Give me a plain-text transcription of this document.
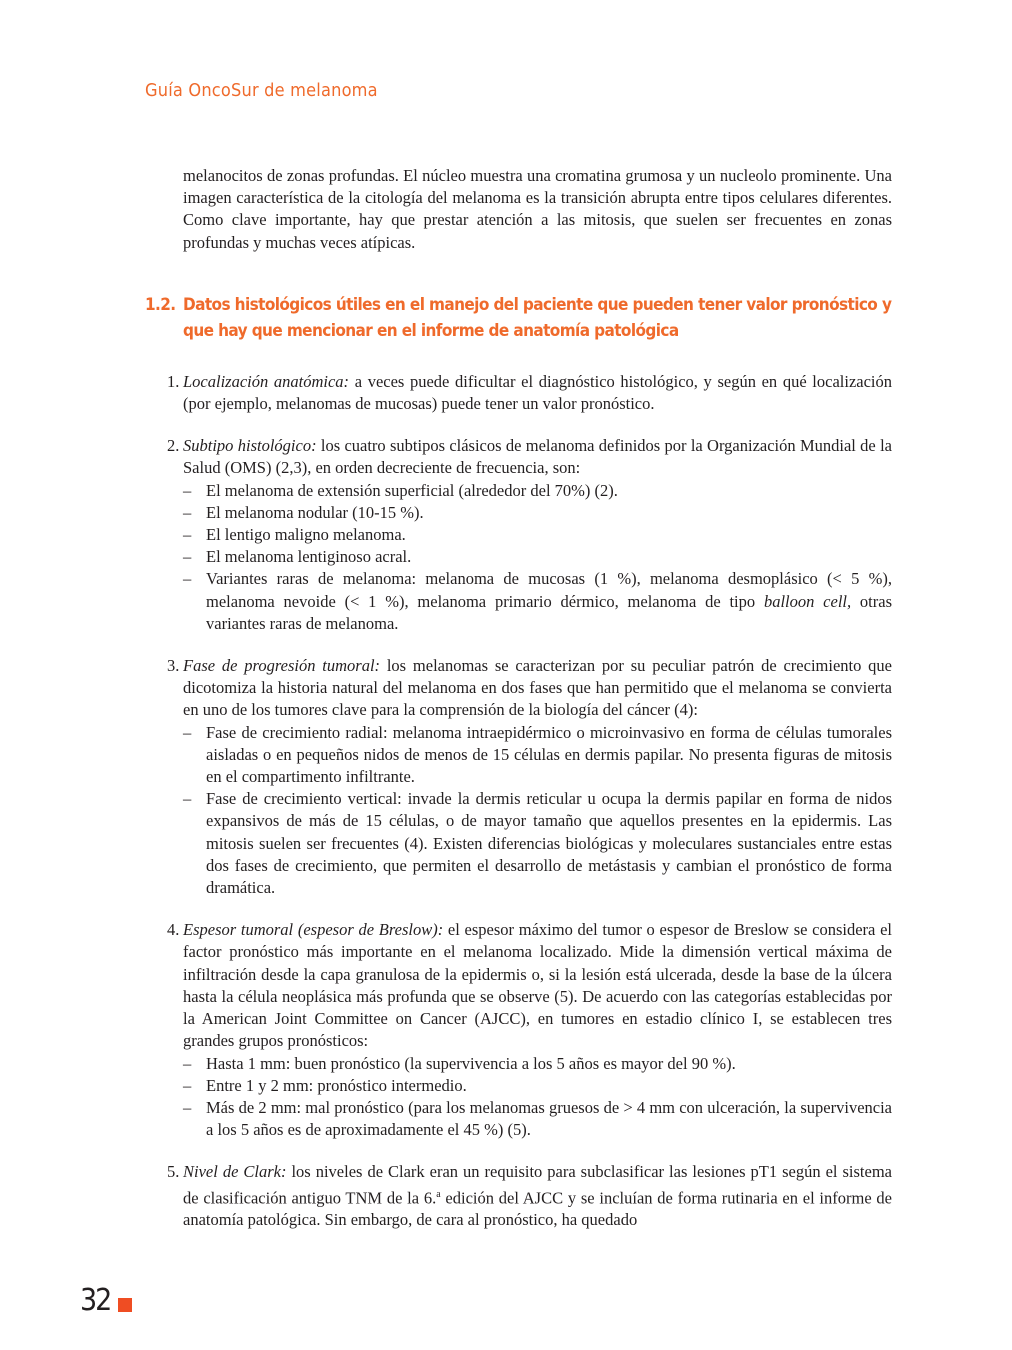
Guía OncoSur de melanoma

melanocitos de zonas profundas. El núcleo muestra una cromatina grumosa y un nucleolo prominente. Una imagen característica de la citología del melanoma es la transición abrupta entre tipos celulares diferentes. Como clave importante, hay que prestar atención a las mitosis, que suelen ser frecuentes en zonas profundas y muchas veces atípicas.

1.2. Datos histológicos útiles en el manejo del paciente que pueden tener valor pronóstico y que hay que mencionar en el informe de anatomía patológica
1. Localización anatómica: a veces puede dificultar el diagnóstico histológico, y según en qué localización (por ejemplo, melanomas de mucosas) puede tener un valor pronóstico.
2. Subtipo histológico: los cuatro subtipos clásicos de melanoma definidos por la Organización Mundial de la Salud (OMS) (2,3), en orden decreciente de frecuencia, son:
– El melanoma de extensión superficial (alrededor del 70%) (2).
– El melanoma nodular (10-15 %).
– El lentigo maligno melanoma.
– El melanoma lentiginoso acral.
– Variantes raras de melanoma: melanoma de mucosas (1 %), melanoma desmoplásico (< 5 %), melanoma nevoide (< 1 %), melanoma primario dérmico, melanoma de tipo balloon cell, otras variantes raras de melanoma.
3. Fase de progresión tumoral: los melanomas se caracterizan por su peculiar patrón de crecimiento que dicotomiza la historia natural del melanoma en dos fases que han permitido que el melanoma se convierta en uno de los tumores clave para la comprensión de la biología del cáncer (4):
– Fase de crecimiento radial: melanoma intraepidérmico o microinvasivo en forma de células tumorales aisladas o en pequeños nidos de menos de 15 células en dermis papilar. No presenta figuras de mitosis en el compartimento infiltrante.
– Fase de crecimiento vertical: invade la dermis reticular u ocupa la dermis papilar en forma de nidos expansivos de más de 15 células, o de mayor tamaño que aquellos presentes en la epidermis. Las mitosis suelen ser frecuentes (4). Existen diferencias biológicas y moleculares sustanciales entre estas dos fases de crecimiento, que permiten el desarrollo de metástasis y cambian el pronóstico de forma dramática.
4. Espesor tumoral (espesor de Breslow): el espesor máximo del tumor o espesor de Breslow se considera el factor pronóstico más importante en el melanoma localizado. Mide la dimensión vertical máxima de infiltración desde la capa granulosa de la epidermis o, si la lesión está ulcerada, desde la base de la úlcera hasta la célula neoplásica más profunda que se observe (5). De acuerdo con las categorías establecidas por la American Joint Committee on Cancer (AJCC), en tumores en estadio clínico I, se establecen tres grandes grupos pronósticos:
– Hasta 1 mm: buen pronóstico (la supervivencia a los 5 años es mayor del 90 %).
– Entre 1 y 2 mm: pronóstico intermedio.
– Más de 2 mm: mal pronóstico (para los melanomas gruesos de > 4 mm con ulceración, la supervivencia a los 5 años es de aproximadamente el 45 %) (5).
5. Nivel de Clark: los niveles de Clark eran un requisito para subclasificar las lesiones pT1 según el sistema de clasificación antiguo TNM de la 6.$^a$ edición del AJCC y se incluían de forma rutinaria en el informe de anatomía patológica. Sin embargo, de cara al pronóstico, ha quedado
32
